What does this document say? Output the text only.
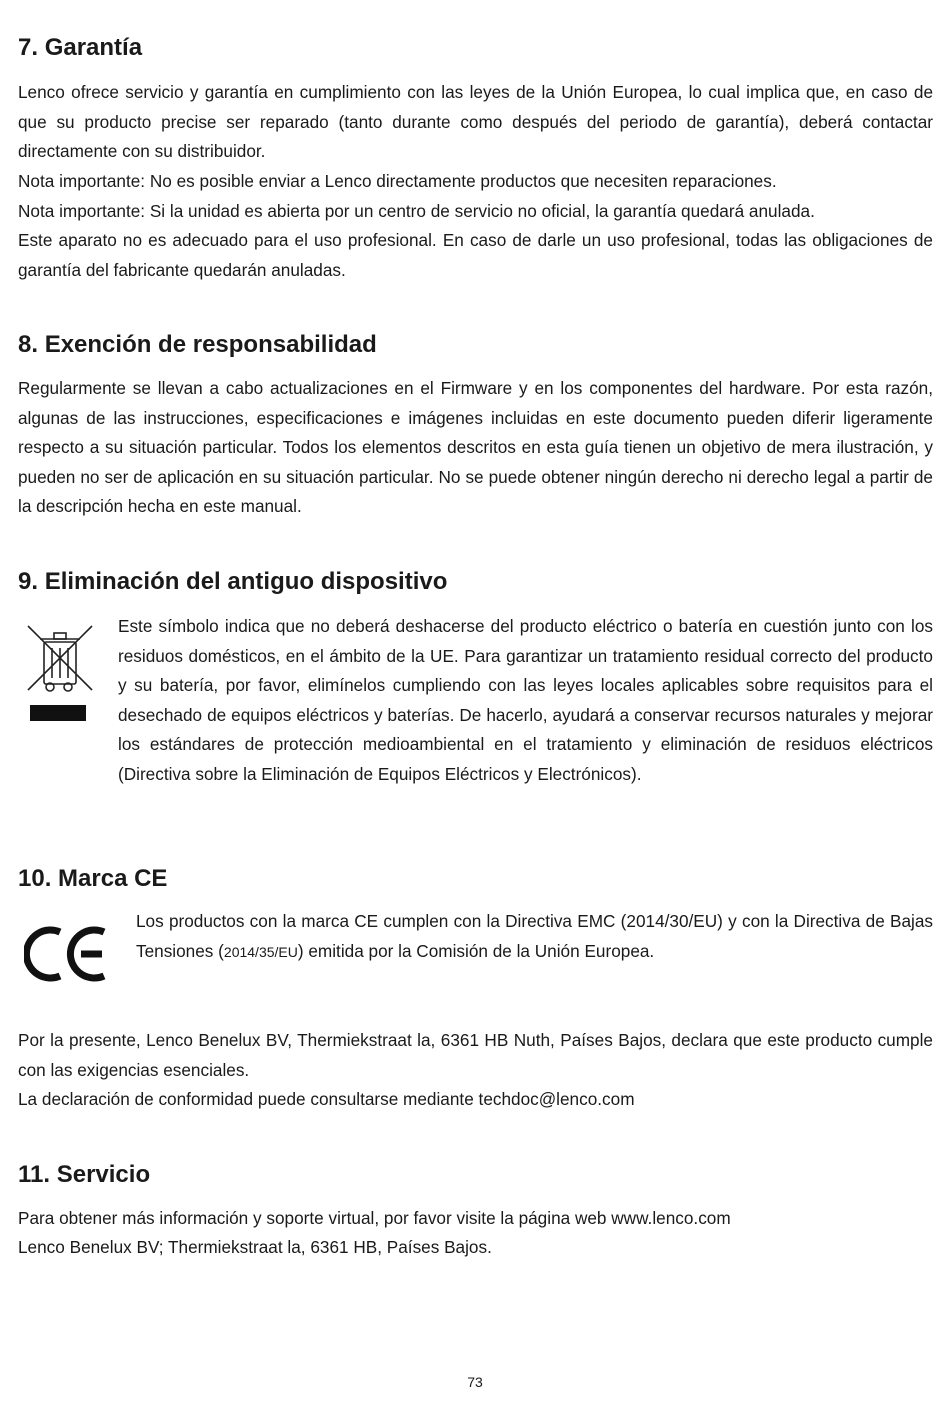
7. Garantía

Lenco ofrece servicio y garantía en cumplimiento con las leyes de la Unión Europea, lo cual implica que, en caso de que su producto precise ser reparado (tanto durante como después del periodo de garantía), deberá contactar directamente con su distribuidor.

Nota importante: No es posible enviar a Lenco directamente productos que necesiten reparaciones.

Nota importante: Si la unidad es abierta por un centro de servicio no oficial, la garantía quedará anulada.

Este aparato no es adecuado para el uso profesional. En caso de darle un uso profesional, todas las obligaciones de garantía del fabricante quedarán anuladas.

8. Exención de responsabilidad

Regularmente se llevan a cabo actualizaciones en el Firmware y en los componentes del hardware. Por esta razón, algunas de las instrucciones, especificaciones e imágenes incluidas en este documento pueden diferir ligeramente respecto a su situación particular. Todos los elementos descritos en esta guía tienen un objetivo de mera ilustración, y pueden no ser de aplicación en su situación particular. No se puede obtener ningún derecho ni derecho legal a partir de la descripción hecha en este manual.

9. Eliminación del antiguo dispositivo

Este símbolo indica que no deberá deshacerse del producto eléctrico o batería en cuestión junto con los residuos domésticos, en el ámbito de la UE. Para garantizar un tratamiento residual correcto del producto y su batería, por favor, elimínelos cumpliendo con las leyes locales aplicables sobre requisitos para el desechado de equipos eléctricos y baterías. De hacerlo, ayudará a conservar recursos naturales y mejorar los estándares de protección medioambiental en el tratamiento y eliminación de residuos eléctricos (Directiva sobre la Eliminación de Equipos Eléctricos y Electrónicos).

10. Marca CE

Los productos con la marca CE cumplen con la Directiva EMC (2014/30/EU) y con la Directiva de Bajas Tensiones (2014/35/EU) emitida por la Comisión de la Unión Europea.

Por la presente, Lenco Benelux BV, Thermiekstraat la, 6361 HB Nuth, Países Bajos, declara que este producto cumple con las exigencias esenciales.

La declaración de conformidad puede consultarse mediante techdoc@lenco.com

11. Servicio

Para obtener más información y soporte virtual, por favor visite la página web www.lenco.com

Lenco Benelux BV; Thermiekstraat la, 6361 HB, Países Bajos.

73
